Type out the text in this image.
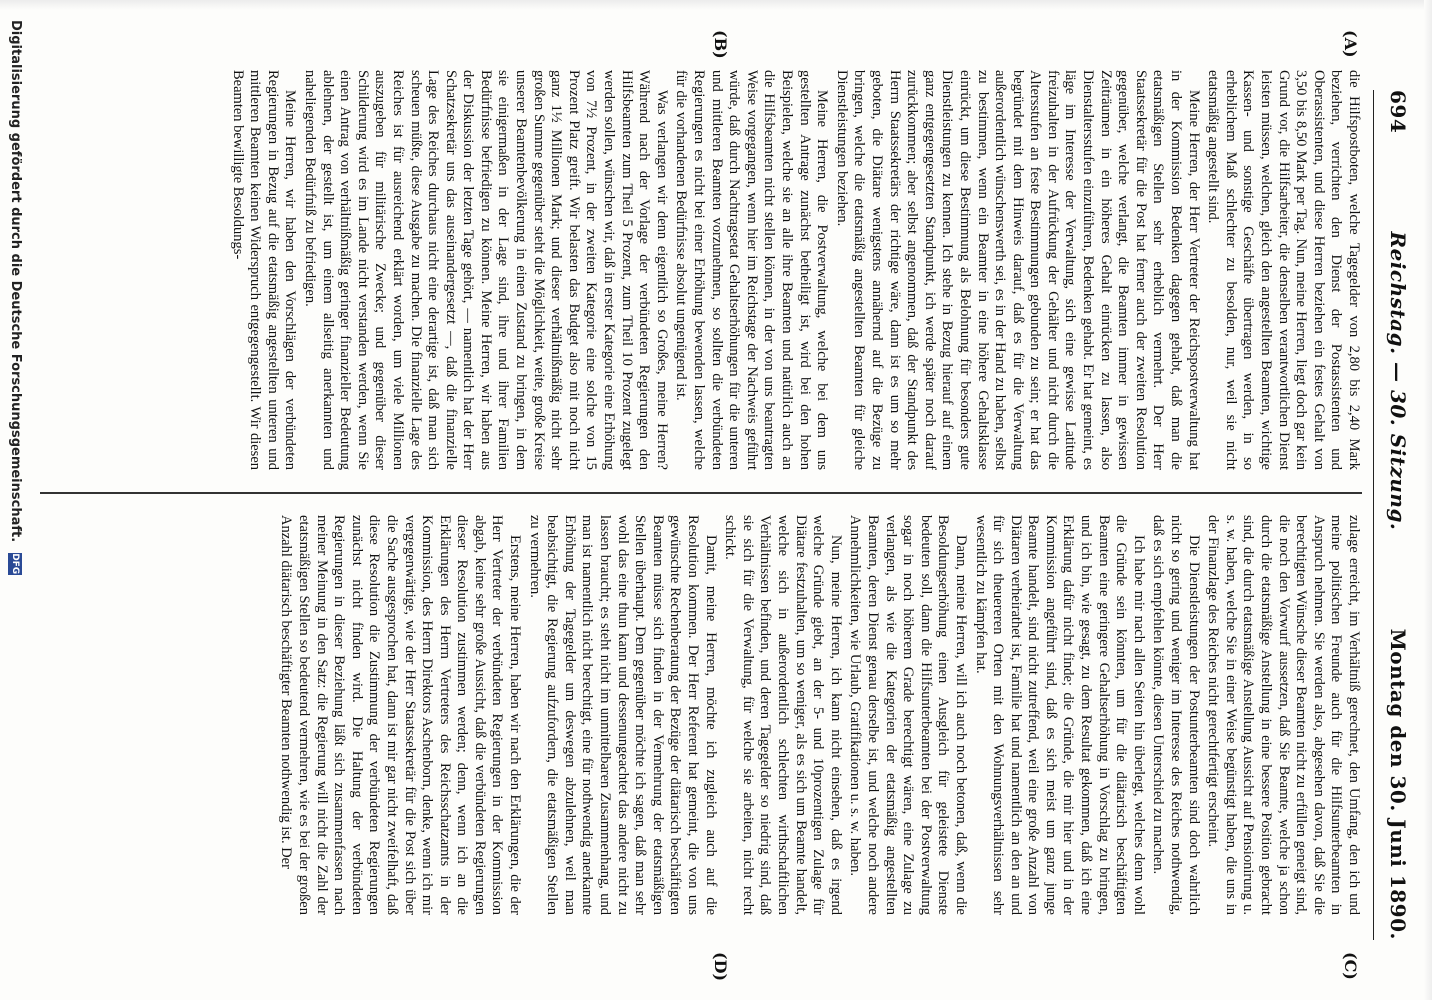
694
Reichstag. — 30. Sitzung.
Montag den 30. Juni 1890.
(A)
(B)
(C)
(D)

die Hilfspostboten, welche Tagegelder von 2,80 bis 2,40 Mark beziehen, verrichten den Dienst der Postassistenten und Oberassistenten, und diese Herren beziehen ein festes Gehalt von 3,50 bis 8,50 Mark per Tag. Nun, meine Herren, liegt doch gar kein Grund vor, die Hilfsarbeiter, die denselben verantwortlichen Dienst leisten müssen, welchen, gleich den angestellten Beamten, wichtige Kassen- und sonstige Geschäfte übertragen werden, in so erheblichem Maß schlechter zu besolden, nur, weil sie nicht etatsmäßig angestellt sind.

Meine Herren, der Herr Vertreter der Reichspostverwaltung hat in der Kommission Bedenken dagegen gehabt, daß man die etatsmäßigen Stellen sehr erheblich vermehrt. Der Herr Staatssekretär für die Post hat ferner auch der zweiten Resolution gegenüber, welche verlangt, die Beamten immer in gewissen Zeiträumen in ein höheres Gehalt einrücken zu lassen, also Dienstaltersstufen einzuführen, Bedenken gehabt. Er hat gemeint, es läge im Interesse der Verwaltung, sich eine gewisse Latitude freizuhalten in der Aufrückung der Gehälter und nicht durch die Altersstufen an feste Bestimmungen gebunden zu sein; er hat das begründet mit dem Hinweis darauf, daß es für die Verwaltung außerordentlich wünschenswerth sei, es in der Hand zu haben, selbst zu bestimmen, wenn ein Beamter in eine höhere Gehaltsklasse einrückt, um diese Bestimmung als Belohnung für besonders gute Dienstleistungen zu kennen. Ich stehe in Bezug hierauf auf einem ganz entgegengesetzten Standpunkt, ich werde später noch darauf zurückkommen; aber selbst angenommen, daß der Standpunkt des Herrn Staatssekretärs der richtige wäre, dann ist es um so mehr geboten, die Diätare wenigstens annähernd auf die Bezüge zu bringen, welche die etatsmäßig angestellten Beamten für gleiche Dienstleistungen beziehen.

Meine Herren, die Postverwaltung, welche bei dem uns gestellten Antrage zunächst betheiligt ist, wird bei den hohen Beispielen, welche sie an alle ihre Beamten und natürlich auch an die Hilfsbeamten nicht stellen können, in der von uns beantragten Weise vorgegangen, wenn hier im Reichstage der Nachweis geführt würde, daß durch Nachtragsetat Gehaltserhöhungen für die unteren und mittleren Beamten vorzunehmen, so sollten die verbündeten Regierungen es nicht bei einer Erhöhung bewenden lassen, welche für die vorhandenen Bedürfnisse absolut ungenügend ist.

Was verlangen wir denn eigentlich so Großes, meine Herren? Während nach der Vorlage der verbündeten Regierungen den Hilfsbeamten zum Theil 5 Prozent, zum Theil 10 Prozent zugelegt werden sollen, wünschen wir, daß in erster Kategorie eine Erhöhung von 7½ Prozent, in der zweiten Kategorie eine solche von 15 Prozent Platz greift. Wir belasten das Budget also mit noch nicht ganz 1½ Millionen Mark; und dieser verhältnißmäßig nicht sehr großen Summe gegenüber steht die Möglichkeit, weite, große Kreise unserer Beamtenbevölkerung in einen Zustand zu bringen, in dem sie einigermaßen in der Lage sind, ihre und ihrer Familien Bedürfnisse befriedigen zu können. Meine Herren, wir haben aus der Diskussion der letzten Tage gehört, — namentlich hat der Herr Schatzsekretär uns das auseinandergesetzt —, daß die finanzielle Lage des Reiches durchaus nicht eine derartige ist, daß man sich scheuen müßte, diese Ausgabe zu machen. Die finanzielle Lage des Reiches ist für ausreichend erklärt worden, um viele Millionen auszugeben für militärische Zwecke; und gegenüber dieser Schilderung wird es im Lande nicht verstanden werden, wenn Sie einen Antrag von verhältnißmäßig geringer finanzieller Bedeutung ablehnen, der gestellt ist, um einem allseitig anerkannten und naheliegenden Bedürfniß zu befriedigen.

Meine Herren, wir haben den Vorschlägen der verbündeten Regierungen in Bezug auf die etatsmäßig angestellten unteren und mittleren Beamten keinen Widerspruch entgegengestellt. Wir diesen Beamten bewilligte Besoldungs-

zulage erreicht, im Verhältniß gerechnet, den Umfang, den ich und meine politischen Freunde auch für die Hilfsunterbeamten in Anspruch nehmen. Sie werden also, abgesehen davon, daß Sie die berechtigten Wünsche dieser Beamten nicht zu erfüllen geneigt sind, die noch den Vorwurf aussetzen, daß Sie Beamte, welche ja schon durch die etatsmäßige Anstellung in eine bessere Position gebracht sind, die durch etatsmäßige Anstellung Aussicht auf Pensionirung u. s. w. haben, welche Sie in einer Weise begünstigt haben, die uns in der Finanzlage des Reiches nicht gerechtfertigt erscheint.

Die Dienstleistungen der Postunterbeamten sind doch wahrlich nicht so gering und weniger im Interesse des Reiches nothwendig, daß es sich empfehlen könnte, diesen Unterschied zu machen.

Ich habe mir nach allen Seiten hin überlegt, welches denn wohl die Gründe sein könnten, um für die diätarisch beschäftigten Beamten eine geringere Gehaltserhöhung in Vorschlag zu bringen, und ich bin, wie gesagt, zu dem Resultat gekommen, daß ich eine Erklärung dafür nicht finde; die Gründe, die mir hier und in der Kommission angeführt sind, daß es sich meist um ganz junge Beamte handelt, sind nicht zutreffend, weil eine große Anzahl von Diätaren verheirathet ist, Familie hat und namentlich an den an und für sich theuereren Orten mit den Wohnungsverhältnissen sehr wesentlich zu kämpfen hat.

Dann, meine Herren, will ich auch noch betonen, daß, wenn die Besoldungserhöhung einen Ausgleich für geleistete Dienste bedeuten soll, dann die Hilfsunterbeamten bei der Postverwaltung sogar in noch höherem Grade berechtigt wären, eine Zulage zu verlangen, als wie die Kategorien der etatsmäßig angestellten Beamten, deren Dienst genau derselbe ist, und welche noch andere Annehmlichkeiten, wie Urlaub, Gratifikationen u. s. w. haben.

Nun, meine Herren, ich kann nicht einsehen, daß es irgend welche Gründe giebt, an der 5- und 10prozentigen Zulage für Diätare festzuhalten, um so weniger, als es sich um Beamte handelt, welche sich in außerordentlich schlechten wirthschaftlichen Verhältnissen befinden, und deren Tagegelder so niedrig sind, daß sie sich für die Verwaltung, für welche sie arbeiten, nicht recht schickt.

Damit, meine Herren, möchte ich zugleich auch auf die Resolution kommen. Der Herr Referent hat gemeint, die von uns gewünschte Rechenberatung der Bezüge der diätarisch beschäftigten Beamten müsse sich finden in der Vermehrung der etatsmäßigen Stellen überhaupt. Dem gegenüber möchte ich sagen, daß man sehr wohl das eine thun kann und dessenungeachtet das andere nicht zu lassen braucht; es steht nicht im unmittelbaren Zusammenhang, und man ist namentlich nicht berechtigt, eine für nothwendig anerkannte Erhöhung der Tagegelder um deswegen abzulehnen, weil man beabsichtigt, die Regierung aufzufordern, die etatsmäßigen Stellen zu vermehren.

Erstens, meine Herren, haben wir nach den Erklärungen, die der Herr Vertreter der verbündeten Regierungen in der Kommission abgab, keine sehr große Aussicht, daß die verbündeten Regierungen dieser Resolution zustimmen werden; denn, wenn ich an die Erklärungen des Herrn Vertreters des Reichsschatzamts in der Kommission, des Herrn Direktors Aschenborn, denke, wenn ich mir vergegenwärtige, wie der Herr Staatssekretär für die Post sich über die Sache ausgesprochen hat, dann ist mir gar nicht zweifelhaft, daß diese Resolution die Zustimmung der verbündeten Regierungen zunächst nicht finden wird. Die Haltung der verbündeten Regierungen in dieser Beziehung läßt sich zusammenfassen nach meiner Meinung in den Satz: die Regierung will nicht die Zahl der etatsmäßigen Stellen so bedeutend vermehren, wie es bei der großen Anzahl diätarisch beschäftigter Beamten nothwendig ist. Der

Digitalisierung gefördert durch die Deutsche Forschungsgemeinschaft. DFG
